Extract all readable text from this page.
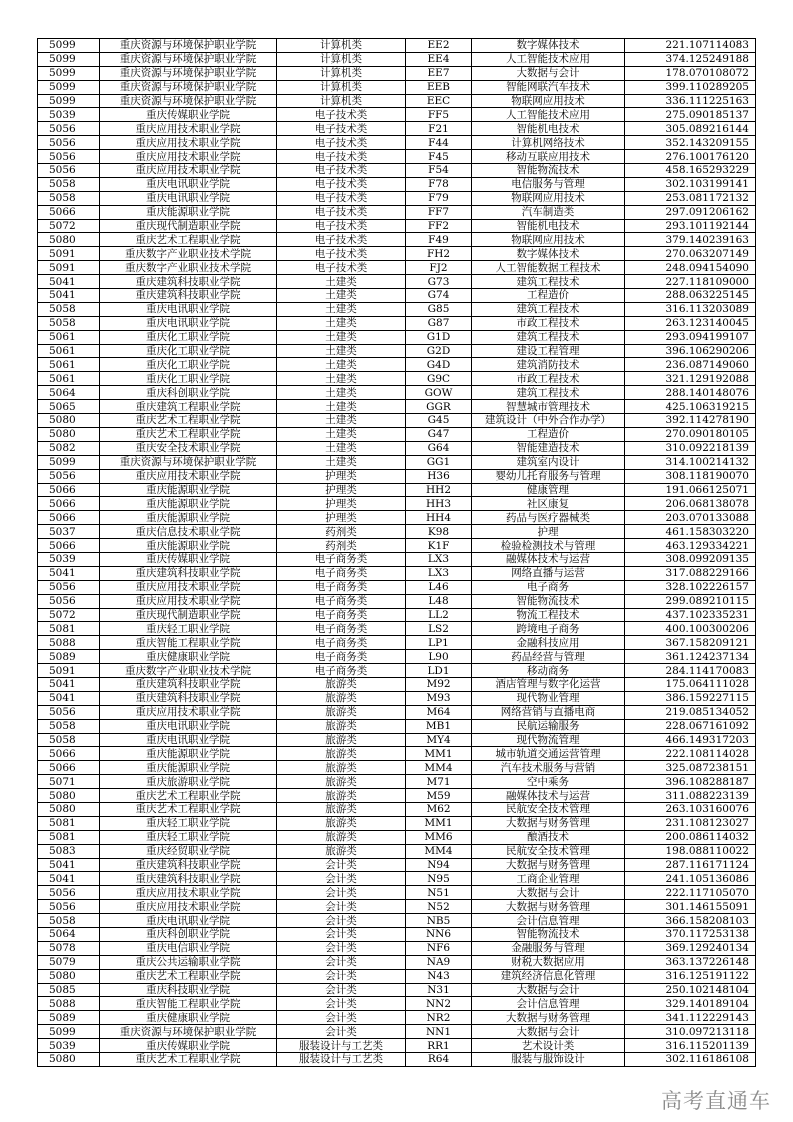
5099	重庆资源与环境保护职业学院	计算机类	EE2	数字媒体技术	221.107114083
5099	重庆资源与环境保护职业学院	计算机类	EE4	人工智能技术应用	374.125249188
5099	重庆资源与环境保护职业学院	计算机类	EE7	大数据与会计	178.070108072
5099	重庆资源与环境保护职业学院	计算机类	EEB	智能网联汽车技术	399.110289205
5099	重庆资源与环境保护职业学院	计算机类	EEC	物联网应用技术	336.111225163
5039	重庆传媒职业学院	电子技术类	FF5	人工智能技术应用	275.090185137
5056	重庆应用技术职业学院	电子技术类	F21	智能机电技术	305.089216144
5056	重庆应用技术职业学院	电子技术类	F44	计算机网络技术	352.143209155
5056	重庆应用技术职业学院	电子技术类	F45	移动互联应用技术	276.100176120
5056	重庆应用技术职业学院	电子技术类	F54	智能物流技术	458.165293229
5058	重庆电讯职业学院	电子技术类	F78	电信服务与管理	302.103199141
5058	重庆电讯职业学院	电子技术类	F79	物联网应用技术	253.081172132
5066	重庆能源职业学院	电子技术类	FF7	汽车制造类	297.091206162
5072	重庆现代制造职业学院	电子技术类	FF2	智能机电技术	293.101192144
5080	重庆艺术工程职业学院	电子技术类	F49	物联网应用技术	379.140239163
5091	重庆数字产业职业技术学院	电子技术类	FH2	数字媒体技术	270.063207149
5091	重庆数字产业职业技术学院	电子技术类	FJ2	人工智能数据工程技术	248.094154090
5041	重庆建筑科技职业学院	土建类	G73	建筑工程技术	227.118109000
5041	重庆建筑科技职业学院	土建类	G74	工程造价	288.063225145
5058	重庆电讯职业学院	土建类	G85	建筑工程技术	316.113203089
5058	重庆电讯职业学院	土建类	G87	市政工程技术	263.123140045
5061	重庆化工职业学院	土建类	G1D	建筑工程技术	293.094199107
5061	重庆化工职业学院	土建类	G2D	建设工程管理	396.106290206
5061	重庆化工职业学院	土建类	G4D	建筑消防技术	236.087149060
5061	重庆化工职业学院	土建类	G9C	市政工程技术	321.129192088
5064	重庆科创职业学院	土建类	GOW	建筑工程技术	288.140148076
5065	重庆建筑工程职业学院	土建类	GGR	智慧城市管理技术	425.106319215
5080	重庆艺术工程职业学院	土建类	G45	建筑设计（中外合作办学）	392.114278190
5080	重庆艺术工程职业学院	土建类	G47	工程造价	270.090180105
5082	重庆安全技术职业学院	土建类	G64	智能建造技术	310.092218139
5099	重庆资源与环境保护职业学院	土建类	GG1	建筑室内设计	314.100214132
5056	重庆应用技术职业学院	护理类	H36	婴幼儿托育服务与管理	308.118190070
5066	重庆能源职业学院	护理类	HH2	健康管理	191.066125071
5066	重庆能源职业学院	护理类	HH3	社区康复	206.068138078
5066	重庆能源职业学院	护理类	HH4	药品与医疗器械类	203.070133088
5037	重庆信息技术职业学院	药剂类	K98	护理	461.158303220
5066	重庆能源职业学院	药剂类	K1F	检验检测技术与管理	463.129334221
5039	重庆传媒职业学院	电子商务类	LX3	融媒体技术与运营	308.099209135
5041	重庆建筑科技职业学院	电子商务类	LX3	网络直播与运营	317.088229166
5056	重庆应用技术职业学院	电子商务类	L46	电子商务	328.102226157
5056	重庆应用技术职业学院	电子商务类	L48	智能物流技术	299.089210115
5072	重庆现代制造职业学院	电子商务类	LL2	物流工程技术	437.102335231
5081	重庆轻工职业学院	电子商务类	LS2	跨境电子商务	400.100300206
5088	重庆智能工程职业学院	电子商务类	LP1	金融科技应用	367.158209121
5089	重庆健康职业学院	电子商务类	L90	药品经营与管理	361.124237134
5091	重庆数字产业职业技术学院	电子商务类	LD1	移动商务	284.114170083
5041	重庆建筑科技职业学院	旅游类	M92	酒店管理与数字化运营	175.064111028
5041	重庆建筑科技职业学院	旅游类	M93	现代物业管理	386.159227115
5056	重庆应用技术职业学院	旅游类	M64	网络营销与直播电商	219.085134052
5058	重庆电讯职业学院	旅游类	MB1	民航运输服务	228.067161092
5058	重庆电讯职业学院	旅游类	MY4	现代物流管理	466.149317203
5066	重庆能源职业学院	旅游类	MM1	城市轨道交通运营管理	222.108114028
5066	重庆能源职业学院	旅游类	MM4	汽车技术服务与营销	325.087238151
5071	重庆旅游职业学院	旅游类	M71	空中乘务	396.108288187
5080	重庆艺术工程职业学院	旅游类	M59	融媒体技术与运营	311.088223139
5080	重庆艺术工程职业学院	旅游类	M62	民航安全技术管理	263.103160076
5081	重庆轻工职业学院	旅游类	MM1	大数据与财务管理	231.108123027
5081	重庆轻工职业学院	旅游类	MM6	酿酒技术	200.086114032
5083	重庆经贸职业学院	旅游类	MM4	民航安全技术管理	198.088110022
5041	重庆建筑科技职业学院	会计类	N94	大数据与财务管理	287.116171124
5041	重庆建筑科技职业学院	会计类	N95	工商企业管理	241.105136086
5056	重庆应用技术职业学院	会计类	N51	大数据与会计	222.117105070
5056	重庆应用技术职业学院	会计类	N52	大数据与财务管理	301.146155091
5058	重庆电讯职业学院	会计类	NB5	会计信息管理	366.158208103
5064	重庆科创职业学院	会计类	NN6	智能物流技术	370.117253138
5078	重庆电信职业学院	会计类	NF6	金融服务与管理	369.129240134
5079	重庆公共运输职业学院	会计类	NA9	财税大数据应用	363.137226148
5080	重庆艺术工程职业学院	会计类	N43	建筑经济信息化管理	316.125191122
5085	重庆科技职业学院	会计类	N31	大数据与会计	250.102148104
5088	重庆智能工程职业学院	会计类	NN2	会计信息管理	329.140189104
5089	重庆健康职业学院	会计类	NR2	大数据与财务管理	341.112229143
5099	重庆资源与环境保护职业学院	会计类	NN1	大数据与会计	310.097213118
5039	重庆传媒职业学院	服装设计与工艺类	RR1	艺术设计类	316.115201139
5080	重庆艺术工程职业学院	服装设计与工艺类	R64	服装与服饰设计	302.116186108
高考直通车
